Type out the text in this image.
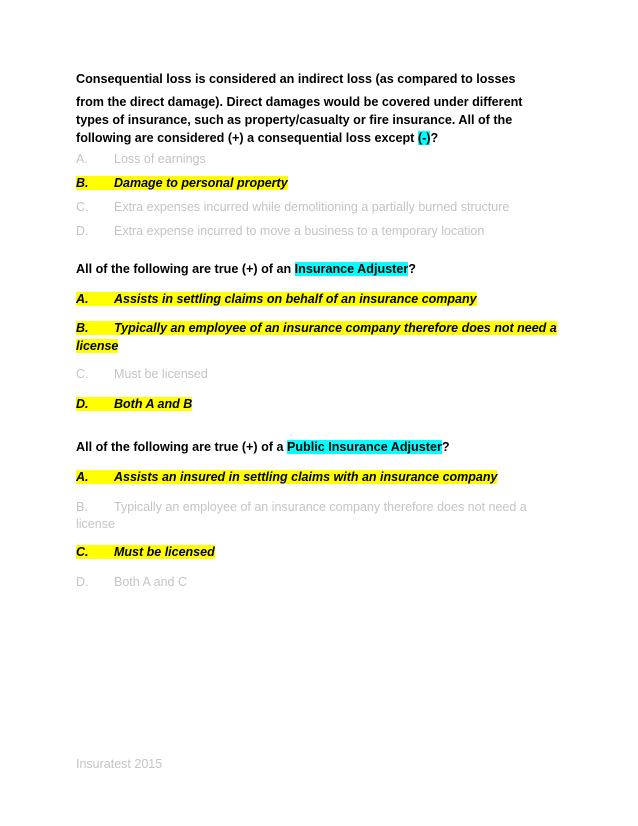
Consequential loss is considered an indirect loss (as compared to losses
from the direct damage). Direct damages would be covered under different
types of insurance, such as property/casualty or fire insurance. All of the
following are considered (+) a consequential loss except (-)?
A. Loss of earnings
B. Damage to personal property
C. Extra expenses incurred while demolitioning a partially burned structure
D. Extra expense incurred to move a business to a temporary location
All of the following are true (+) of an Insurance Adjuster?
A. Assists in settling claims on behalf of an insurance company
B. Typically an employee of an insurance company therefore does not need a
license
C. Must be licensed
D. Both A and B
All of the following are true (+) of a Public Insurance Adjuster?
A. Assists an insured in settling claims with an insurance company
B. Typically an employee of an insurance company therefore does not need a
license
C. Must be licensed
D. Both A and C
Insuratest 2015
